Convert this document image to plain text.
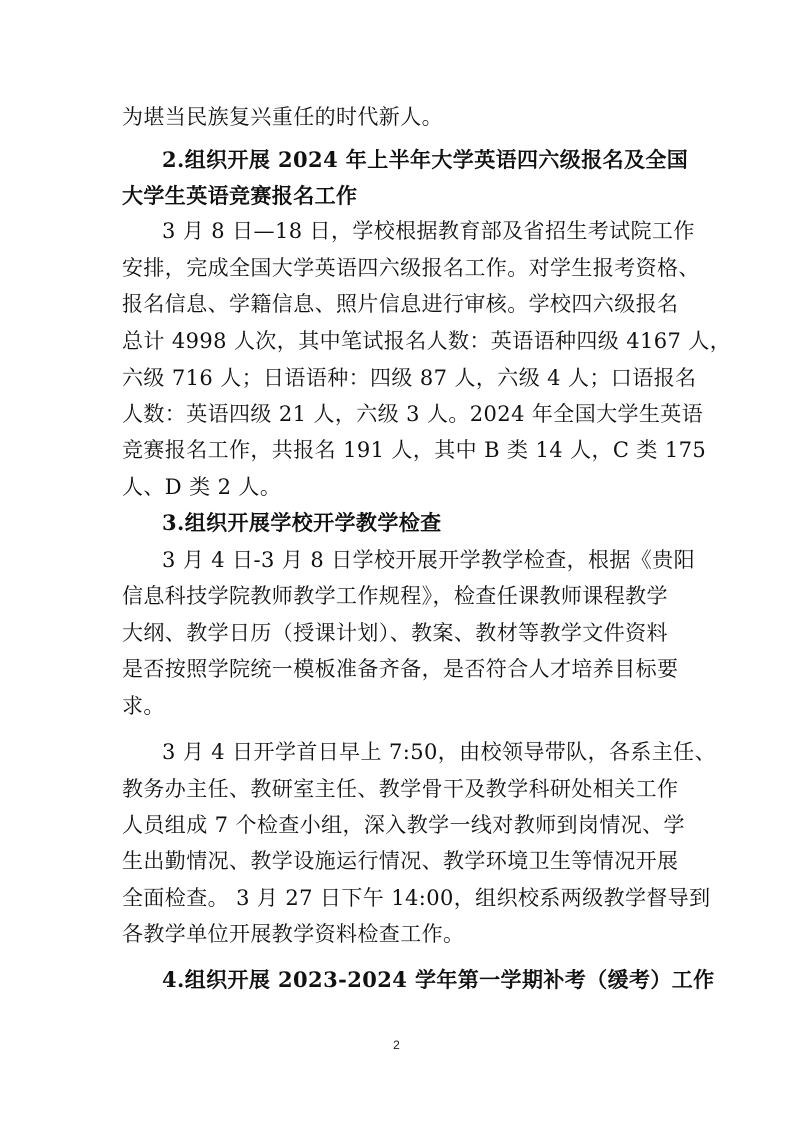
为堪当民族复兴重任的时代新人。
2.组织开展 2024 年上半年大学英语四六级报名及全国
大学生英语竞赛报名工作
3 月 8 日—18 日，学校根据教育部及省招生考试院工作
安排，完成全国大学英语四六级报名工作。对学生报考资格、
报名信息、学籍信息、照片信息进行审核。学校四六级报名
总计 4998 人次，其中笔试报名人数：英语语种四级 4167 人，
六级 716 人；日语语种：四级 87 人，六级 4 人；口语报名
人数：英语四级 21 人，六级 3 人。2024 年全国大学生英语
竞赛报名工作，共报名 191 人，其中 B 类 14 人，C 类 175
人、D 类 2 人。
3.组织开展学校开学教学检查
3 月 4 日-3 月 8 日学校开展开学教学检查，根据《贵阳
信息科技学院教师教学工作规程》，检查任课教师课程教学
大纲、教学日历（授课计划）、教案、教材等教学文件资料
是否按照学院统一模板准备齐备，是否符合人才培养目标要
求。
3 月 4 日开学首日早上 7:50，由校领导带队，各系主任、
教务办主任、教研室主任、教学骨干及教学科研处相关工作
人员组成 7 个检查小组，深入教学一线对教师到岗情况、学
生出勤情况、教学设施运行情况、教学环境卫生等情况开展
全面检查。 3 月 27 日下午 14:00，组织校系两级教学督导到
各教学单位开展教学资料检查工作。
4.组织开展 2023-2024 学年第一学期补考（缓考）工作
2
